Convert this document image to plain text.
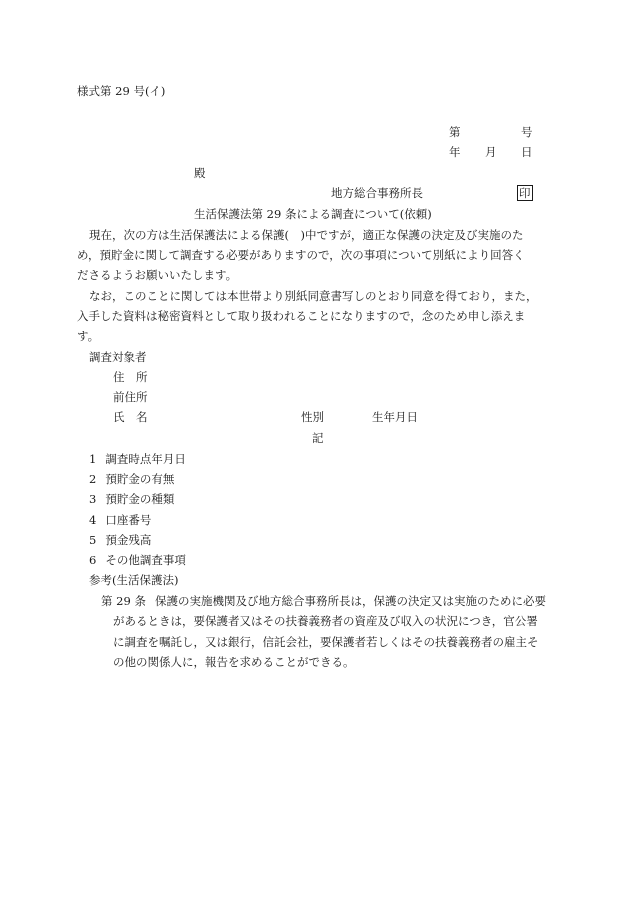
様式第 29 号(イ)
第	号
年 月 日
殿
地方総合事務所長	印
生活保護法第 29 条による調査について(依頼)
現在，次の方は生活保護法による保護(　)中ですが，適正な保護の決定及び実施のた
め，預貯金に関して調査する必要がありますので，次の事項について別紙により回答く
ださるようお願いいたします。
なお，このことに関しては本世帯より別紙同意書写しのとおり同意を得ており，また，
入手した資料は秘密資料として取り扱われることになりますので，念のため申し添えま
す。
調査対象者
住　所
前住所
氏　名	性別	生年月日
記
1 調査時点年月日
2 預貯金の有無
3 預貯金の種類
4 口座番号
5 預金残高
6 その他調査事項
参考(生活保護法)
第 29 条 保護の実施機関及び地方総合事務所長は，保護の決定又は実施のために必要
があるときは，要保護者又はその扶養義務者の資産及び収入の状況につき，官公署
に調査を嘱託し，又は銀行，信託会社，要保護者若しくはその扶養義務者の雇主そ
の他の関係人に，報告を求めることができる。
